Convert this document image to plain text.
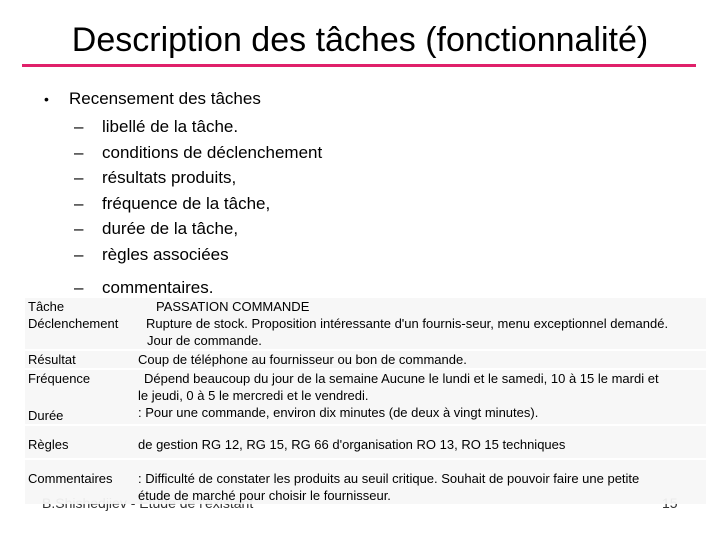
Description des tâches (fonctionnalité)
• Recensement des tâches
– libellé de la tâche.
– conditions de déclenchement
– résultats produits,
– fréquence de la tâche,
– durée de la tâche,
– règles associées
– commentaires.
Tâche	PASSATION COMMANDE
Déclenchement	Rupture de stock. Proposition intéressante d'un fournis-seur, menu exceptionnel demandé.
Jour de commande.

Résultat	Coup de téléphone au fournisseur ou bon de commande.
Fréquence	Dépend beaucoup du jour de la semaine Aucune le lundi et le samedi, 10 à 15 le mardi et
le jeudi, 0 à 5 le mercredi et le vendredi.

Durée	: Pour une commande, environ dix minutes (de deux à vingt minutes).
Règles	de gestion RG 12, RG 15, RG 66 d'organisation RO 13, RO 15 techniques
Commentaires	: Difficulté de constater les produits au seuil critique. Souhait de pouvoir faire une petite
étude de marché pour choisir le fournisseur.
